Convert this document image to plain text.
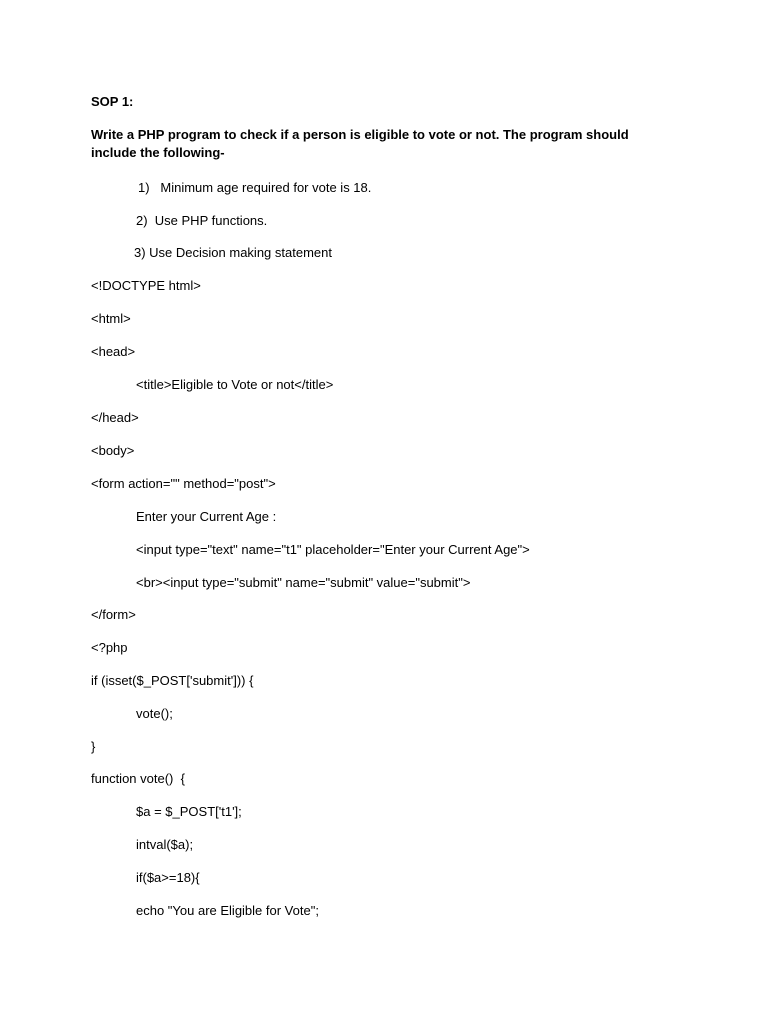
SOP 1:

Write a PHP program to check if a person is eligible to vote or not. The program should include the following-

1)   Minimum age required for vote is 18.

2)  Use PHP functions.

3) Use Decision making statement

<!DOCTYPE html>

<html>

<head>

<title>Eligible to Vote or not</title>

</head>

<body>

<form action="" method="post">

Enter your Current Age :

<input type="text" name="t1" placeholder="Enter your Current Age">

<br><input type="submit" name="submit" value="submit">

</form>

<?php

if (isset($_POST['submit'])) {

vote();

}

function vote()  {

$a = $_POST['t1'];

intval($a);

if($a>=18){

echo "You are Eligible for Vote";
